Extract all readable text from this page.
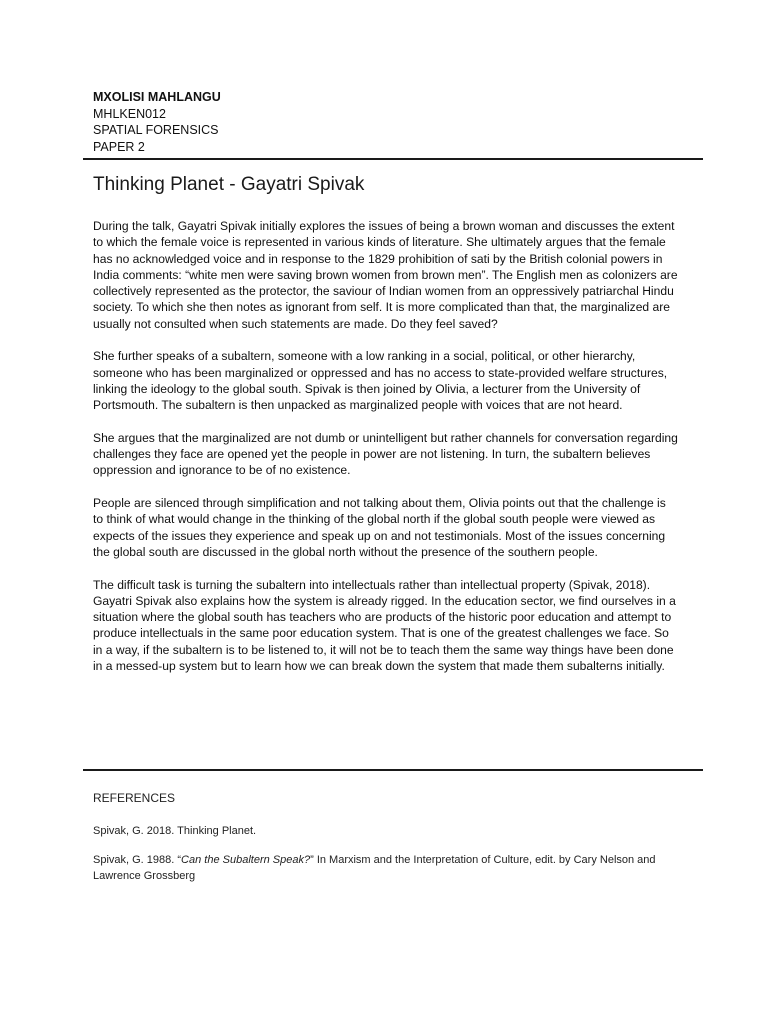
MXOLISI MAHLANGU
MHLKEN012
SPATIAL FORENSICS
PAPER 2
Thinking Planet - Gayatri Spivak

During the talk, Gayatri Spivak initially explores the issues of being a brown woman and discusses the extent to which the female voice is represented in various kinds of literature. She ultimately argues that the female has no acknowledged voice and in response to the 1829 prohibition of sati by the British colonial powers in India comments: “white men were saving brown women from brown men”. The English men as colonizers are collectively represented as the protector, the saviour of Indian women from an oppressively patriarchal Hindu society. To which she then notes as ignorant from self. It is more complicated than that, the marginalized are usually not consulted when such statements are made. Do they feel saved?

She further speaks of a subaltern, someone with a low ranking in a social, political, or other hierarchy, someone who has been marginalized or oppressed and has no access to state-provided welfare structures, linking the ideology to the global south. Spivak is then joined by Olivia, a lecturer from the University of Portsmouth. The subaltern is then unpacked as marginalized people with voices that are not heard.

She argues that the marginalized are not dumb or unintelligent but rather channels for conversation regarding challenges they face are opened yet the people in power are not listening. In turn, the subaltern believes oppression and ignorance to be of no existence.

People are silenced through simplification and not talking about them, Olivia points out that the challenge is to think of what would change in the thinking of the global north if the global south people were viewed as expects of the issues they experience and speak up on and not testimonials. Most of the issues concerning the global south are discussed in the global north without the presence of the southern people.

The difficult task is turning the subaltern into intellectuals rather than intellectual property (Spivak, 2018). Gayatri Spivak also explains how the system is already rigged. In the education sector, we find ourselves in a situation where the global south has teachers who are products of the historic poor education and attempt to produce intellectuals in the same poor education system. That is one of the greatest challenges we face. So in a way, if the subaltern is to be listened to, it will not be to teach them the same way things have been done in a messed-up system but to learn how we can break down the system that made them subalterns initially.

REFERENCES

Spivak, G. 2018. Thinking Planet.

Spivak, G. 1988. “Can the Subaltern Speak?” In Marxism and the Interpretation of Culture, edit. by Cary Nelson and Lawrence Grossberg
